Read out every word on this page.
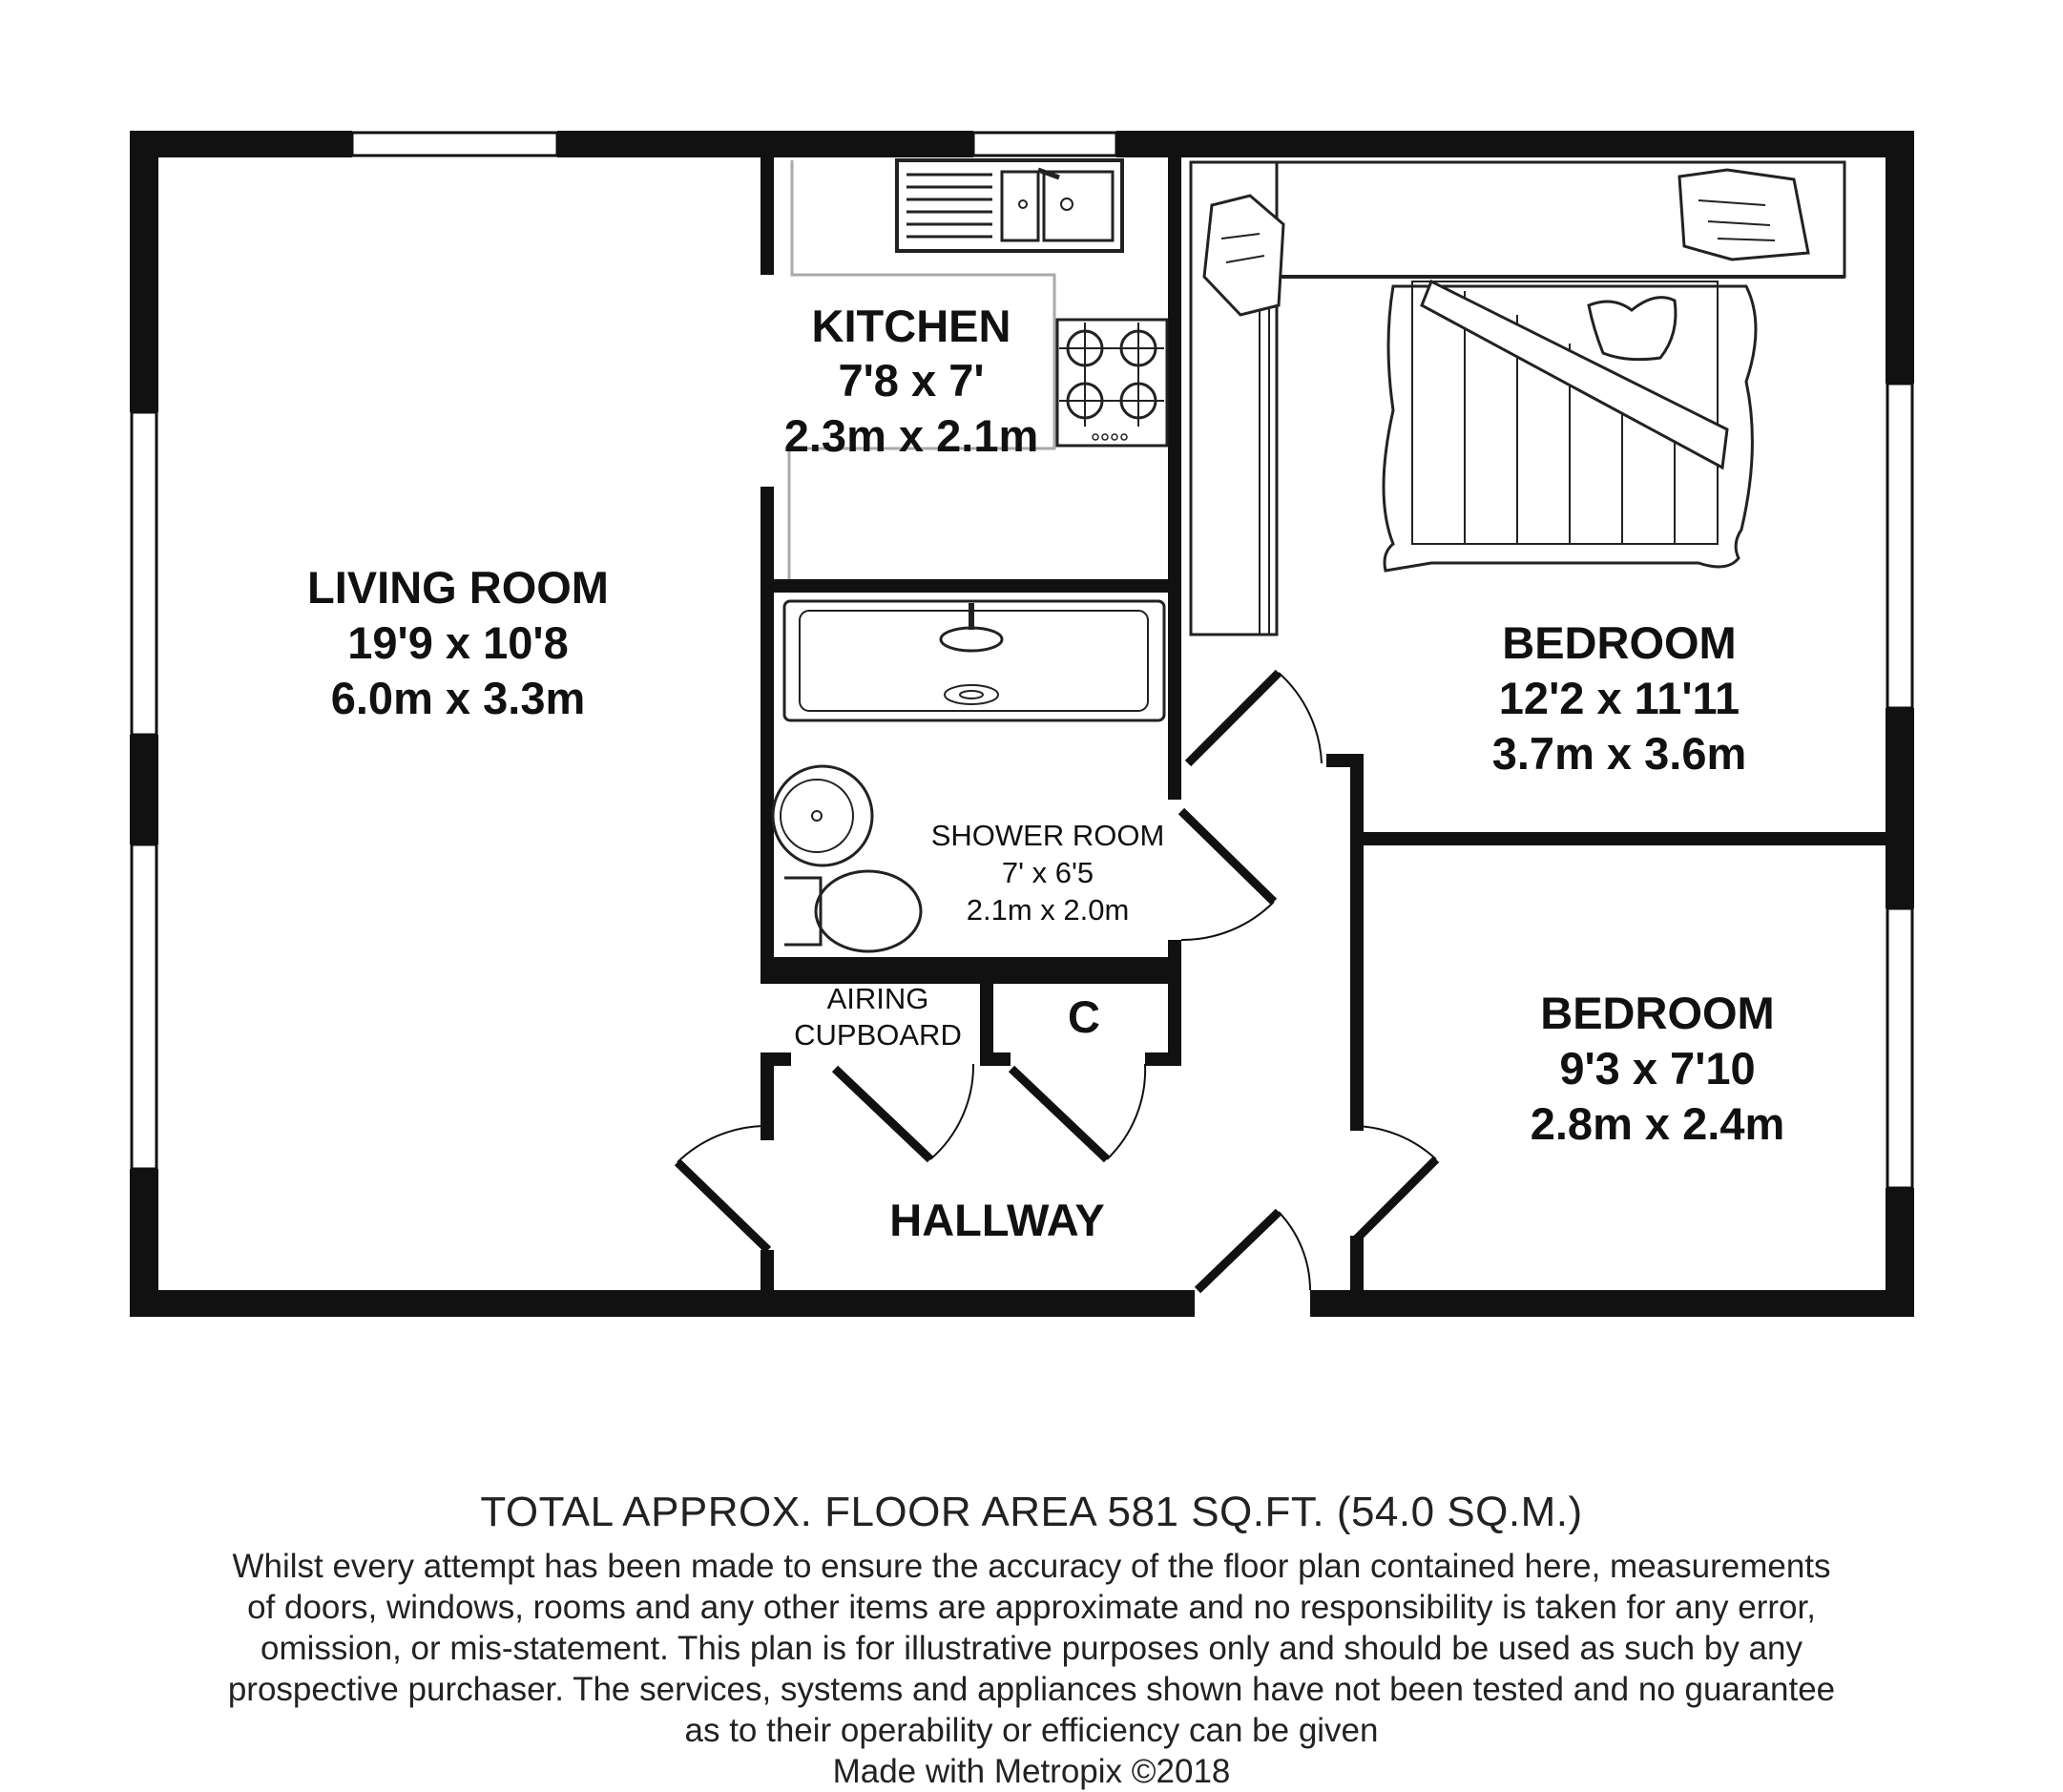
LIVING ROOM
19'9 x 10'8
6.0m x 3.3m
KITCHEN
7'8 x 7'
2.3m x 2.1m
BEDROOM
12'2 x 11'11
3.7m x 3.6m
SHOWER ROOM
7' x 6'5
2.1m x 2.0m
AIRING
CUPBOARD C	BEDROOM
9'3 x 7'10
2.8m x 2.4m
HALLWAY
TOTAL APPROX. FLOOR AREA 581 SQ.FT. (54.0 SQ.M.)
Whilst every attempt has been made to ensure the accuracy of the floor plan contained here, measurements
of doors, windows, rooms and any other items are approximate and no responsibility is taken for any error,
omission, or mis-statement. This plan is for illustrative purposes only and should be used as such by any
prospective purchaser. The services, systems and appliances shown have not been tested and no guarantee
as to their operability or efficiency can be given
Made with Metropix ©2018
